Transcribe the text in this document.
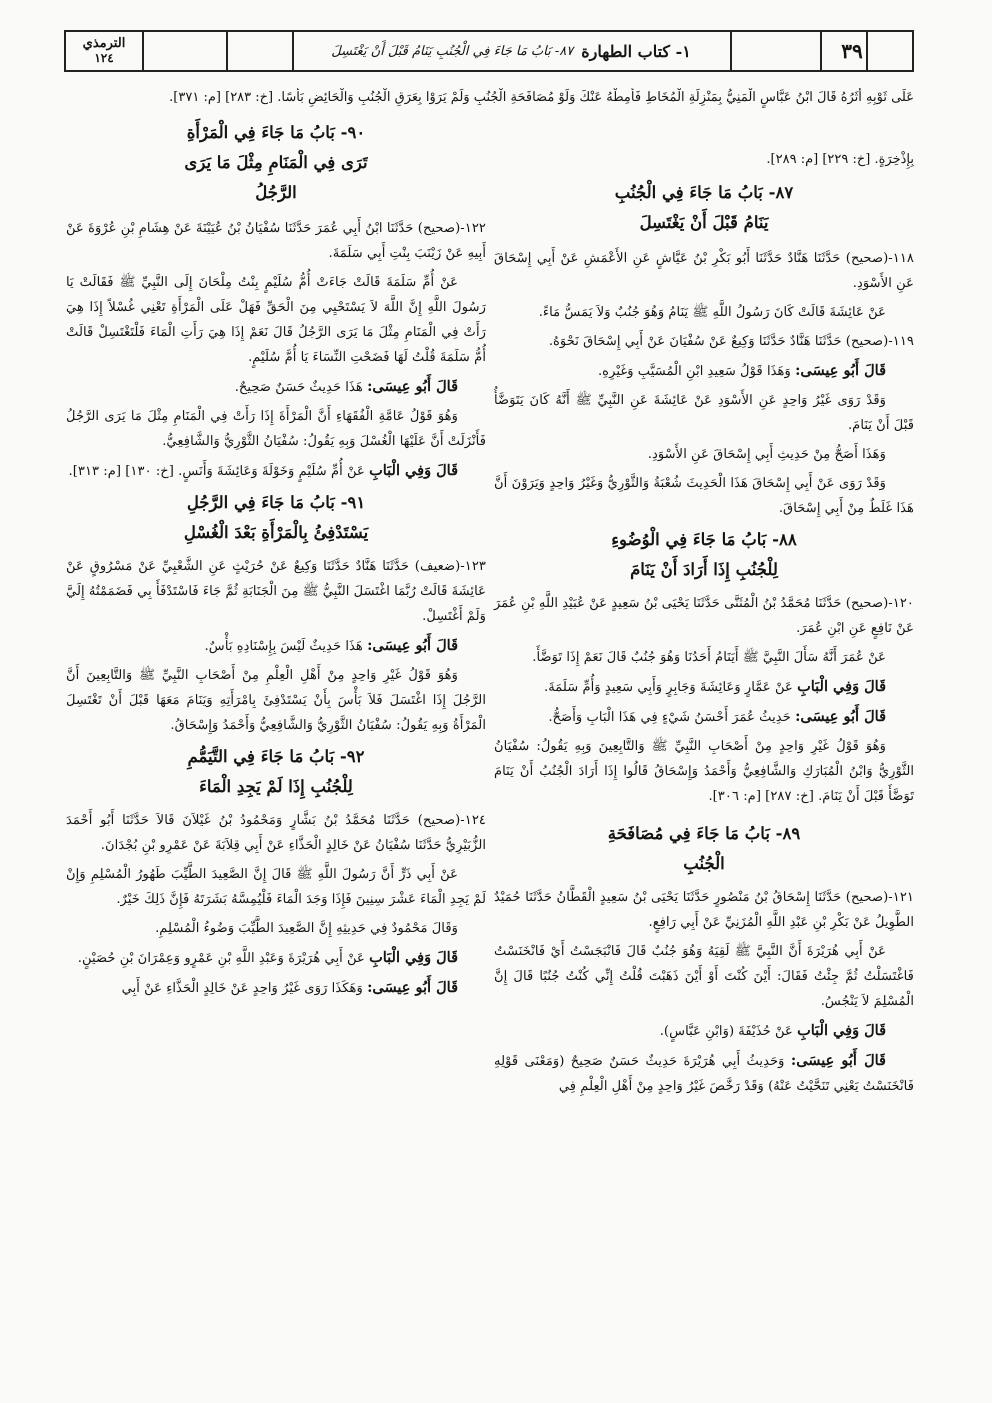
الترمذي
١٢٤	١- كتاب الطهارة
٨٧- بَابُ مَا جَاءَ فِي الْجُنُبِ يَنَامُ قَبْلَ أَنْ يَغْتَسِلَ	٣٩
عَلَى ثَوْبِهِ أَثَرُهُ قَالَ ابْنُ عَبَّاسٍ الْمَنِيُّ بِمَنْزِلَةِ الْمُخَاطِ فَأَمِطْهُ عَنْكَ وَلَوْ مُصَافَحَةِ الْجُنُبِ وَلَمْ يَرَوْا بِعَرَقِ الْجُنُبِ وَالْحَائِضِ بَأْسًا. [خ: ٢٨٣] [م: ٣٧١].
بِإِذْخِرَةٍ. [خ: ٢٢٩] [م: ٢٨٩].
٨٧- بَابُ مَا جَاءَ فِي الْجُنُبِ
يَنَامُ قَبْلَ أَنْ يَغْتَسِلَ

١١٨-(صحيح) حَدَّثَنَا هَنَّادٌ حَدَّثَنَا أَبُو بَكْرِ بْنُ عَيَّاشٍ عَنِ الأَعْمَشِ عَنْ أَبِي إِسْحَاقَ عَنِ الأَسْوَدِ.

عَنْ عَائِشَةَ قَالَتْ كَانَ رَسُولُ اللَّهِ ﷺ يَنَامُ وَهُوَ جُنُبٌ وَلاَ يَمَسُّ مَاءً.

١١٩-(صحيح) حَدَّثَنَا هَنَّادٌ حَدَّثَنَا وَكِيعٌ عَنْ سُفْيَانَ عَنْ أَبِي إِسْحَاقَ نَحْوَهُ.

قَالَ أَبُو عِيسَى: وَهَذَا قَوْلُ سَعِيدِ ابْنِ الْمُسَيَّبِ وَغَيْرِهِ.

وَقَدْ رَوَى غَيْرُ وَاحِدٍ عَنِ الأَسْوَدِ عَنْ عَائِشَةَ عَنِ النَّبِيِّ ﷺ أَنَّهُ كَانَ يَتَوَضَّأُ قَبْلَ أَنْ يَنَامَ.

وَهَذَا أَصَحُّ مِنْ حَدِيثِ أَبِي إِسْحَاقَ عَنِ الأَسْوَدِ.

وَقَدْ رَوَى عَنْ أَبِي إِسْحَاقَ هَذَا الْحَدِيثَ شُعْبَةُ وَالثَّوْرِيُّ وَغَيْرُ وَاحِدٍ وَيَرَوْنَ أَنَّ هَذَا غَلَطٌ مِنْ أَبِي إِسْحَاقَ.

٨٨- بَابُ مَا جَاءَ فِي الْوُضُوءِ
لِلْجُنُبِ إِذَا أَرَادَ أَنْ يَنَامَ

١٢٠-(صحيح) حَدَّثَنَا مُحَمَّدُ بْنُ الْمُثَنَّى حَدَّثَنَا يَحْيَى بْنُ سَعِيدٍ عَنْ عُبَيْدِ اللَّهِ بْنِ عُمَرَ عَنْ نَافِعٍ عَنِ ابْنِ عُمَرَ.

عَنْ عُمَرَ أَنَّهُ سَأَلَ النَّبِيَّ ﷺ أَيَنَامُ أَحَدُنَا وَهُوَ جُنُبٌ قَالَ نَعَمْ إِذَا تَوَضَّأَ.

قَالَ وَفِي الْبَابِ عَنْ عَمَّارٍ وَعَائِشَةَ وَجَابِرٍ وَأَبِي سَعِيدٍ وَأُمِّ سَلَمَةَ.

قَالَ أَبُو عِيسَى: حَدِيثُ عُمَرَ أَحْسَنُ شَيْءٍ فِي هَذَا الْبَابِ وَأَصَحُّ.

وَهُوَ قَوْلُ غَيْرِ وَاحِدٍ مِنْ أَصْحَابِ النَّبِيِّ ﷺ وَالتَّابِعِينَ وَبِهِ يَقُولُ: سُفْيَانُ الثَّوْرِيُّ وَابْنُ الْمُبَارَكِ وَالشَّافِعِيُّ وَأَحْمَدُ وَإِسْحَاقُ قَالُوا إِذَا أَرَادَ الْجُنُبُ أَنْ يَنَامَ تَوَضَّأَ قَبْلَ أَنْ يَنَامَ. [خ: ٢٨٧] [م: ٣٠٦].

٨٩- بَابُ مَا جَاءَ فِي مُصَافَحَةِ
الْجُنُبِ

١٢١-(صحيح) حَدَّثَنَا إِسْحَاقُ بْنُ مَنْصُورٍ حَدَّثَنَا يَحْيَى بْنُ سَعِيدٍ الْقَطَّانُ حَدَّثَنَا حُمَيْدٌ الطَّوِيلُ عَنْ بَكْرِ بْنِ عَبْدِ اللَّهِ الْمُزَنِيِّ عَنْ أَبِي رَافِعٍ.

عَنْ أَبِي هُرَيْرَةَ أَنَّ النَّبِيَّ ﷺ لَقِيَهُ وَهُوَ جُنُبٌ قَالَ فَانْبَجَسْتُ أَيْ فَانْخَنَسْتُ فَاغْتَسَلْتُ ثُمَّ جِئْتُ فَقَالَ: أَيْنَ كُنْتَ أَوْ أَيْنَ ذَهَبْتَ قُلْتُ إِنِّي كُنْتُ جُنُبًا قَالَ إِنَّ الْمُسْلِمَ لاَ يَنْجُسُ.

قَالَ وَفِي الْبَابِ عَنْ حُذَيْفَةَ (وَابْنِ عَبَّاسٍ).

قَالَ أَبُو عِيسَى: وَحَدِيثُ أَبِي هُرَيْرَةَ حَدِيثٌ حَسَنٌ صَحِيحٌ (وَمَعْنَى قَوْلِهِ فَانْخَنَسْتُ يَعْنِي تَنَحَّيْتُ عَنْهُ) وَقَدْ رَخَّصَ غَيْرُ وَاحِدٍ مِنْ أَهْلِ الْعِلْمِ فِي

٩٠- بَابُ مَا جَاءَ فِي الْمَرْأَةِ
تَرَى فِي الْمَنَامِ مِثْلَ مَا يَرَى
الرَّجُلُ

١٢٢-(صحيح) حَدَّثَنَا ابْنُ أَبِي عُمَرَ حَدَّثَنَا سُفْيَانُ بْنُ عُيَيْنَةَ عَنْ هِشَامِ بْنِ عُرْوَةَ عَنْ أَبِيهِ عَنْ زَيْنَبَ بِنْتِ أَبِي سَلَمَةَ.

عَنْ أُمِّ سَلَمَةَ قَالَتْ جَاءَتْ أُمُّ سُلَيْمٍ بِنْتُ مِلْحَانَ إِلَى النَّبِيِّ ﷺ فَقَالَتْ يَا رَسُولَ اللَّهِ إِنَّ اللَّهَ لاَ يَسْتَحْيِي مِنَ الْحَقِّ فَهَلْ عَلَى الْمَرْأَةِ تَعْنِي غُسْلاً إِذَا هِيَ رَأَتْ فِي الْمَنَامِ مِثْلَ مَا يَرَى الرَّجُلُ قَالَ نَعَمْ إِذَا هِيَ رَأَتِ الْمَاءَ فَلْتَغْتَسِلْ قَالَتْ أُمُّ سَلَمَةَ قُلْتُ لَهَا فَضَحْتِ النِّسَاءَ يَا أُمَّ سُلَيْمٍ.

قَالَ أَبُو عِيسَى: هَذَا حَدِيثٌ حَسَنٌ صَحِيحٌ.

وَهُوَ قَوْلُ عَامَّةِ الْفُقَهَاءِ أَنَّ الْمَرْأَةَ إِذَا رَأَتْ فِي الْمَنَامِ مِثْلَ مَا يَرَى الرَّجُلُ فَأَنْزَلَتْ أَنَّ عَلَيْهَا الْغُسْلَ وَبِهِ يَقُولُ: سُفْيَانُ الثَّوْرِيُّ وَالشَّافِعِيُّ.

قَالَ وَفِي الْبَابِ عَنْ أُمِّ سُلَيْمٍ وَخَوْلَةَ وَعَائِشَةَ وَأَنَسٍ. [خ: ١٣٠] [م: ٣١٣].

٩١- بَابُ مَا جَاءَ فِي الرَّجُلِ
يَسْتَدْفِئُ بِالْمَرْأَةِ بَعْدَ الْغُسْلِ

١٢٣-(ضعيف) حَدَّثَنَا هَنَّادٌ حَدَّثَنَا وَكِيعٌ عَنْ حُرَيْثٍ عَنِ الشَّعْبِيِّ عَنْ مَسْرُوقٍ عَنْ عَائِشَةَ قَالَتْ رُبَّمَا اغْتَسَلَ النَّبِيُّ ﷺ مِنَ الْجَنَابَةِ ثُمَّ جَاءَ فَاسْتَدْفَأَ بِي فَضَمَمْتُهُ إِلَيَّ وَلَمْ أَغْتَسِلْ.

قَالَ أَبُو عِيسَى: هَذَا حَدِيثٌ لَيْسَ بِإِسْنَادِهِ بَأْسٌ.

وَهُوَ قَوْلُ غَيْرِ وَاحِدٍ مِنْ أَهْلِ الْعِلْمِ مِنْ أَصْحَابِ النَّبِيِّ ﷺ وَالتَّابِعِينَ أَنَّ الرَّجُلَ إِذَا اغْتَسَلَ فَلاَ بَأْسَ بِأَنْ يَسْتَدْفِئَ بِامْرَأَتِهِ وَيَنَامَ مَعَهَا قَبْلَ أَنْ تَغْتَسِلَ الْمَرْأَةُ وَبِهِ يَقُولُ: سُفْيَانُ الثَّوْرِيُّ وَالشَّافِعِيُّ وَأَحْمَدُ وَإِسْحَاقُ.

٩٢- بَابُ مَا جَاءَ فِي التَّيَمُّمِ
لِلْجُنُبِ إِذَا لَمْ يَجِدِ الْمَاءَ

١٢٤-(صحيح) حَدَّثَنَا مُحَمَّدُ بْنُ بَشَّارٍ وَمَحْمُودُ بْنُ غَيْلاَنَ قَالاَ حَدَّثَنَا أَبُو أَحْمَدَ الزُّبَيْرِيُّ حَدَّثَنَا سُفْيَانُ عَنْ خَالِدٍ الْحَذَّاءِ عَنْ أَبِي قِلاَبَةَ عَنْ عَمْرِو بْنِ بُجْدَانَ.

عَنْ أَبِي ذَرٍّ أَنَّ رَسُولَ اللَّهِ ﷺ قَالَ إِنَّ الصَّعِيدَ الطَّيِّبَ طَهُورُ الْمُسْلِمِ وَإِنْ لَمْ يَجِدِ الْمَاءَ عَشْرَ سِنِينَ فَإِذَا وَجَدَ الْمَاءَ فَلْيُمِسَّهُ بَشَرَتَهُ فَإِنَّ ذَلِكَ خَيْرٌ.

وَقَالَ مَحْمُودٌ فِي حَدِيثِهِ إِنَّ الصَّعِيدَ الطَّيِّبَ وَضُوءُ الْمُسْلِمِ.

قَالَ وَفِي الْبَابِ عَنْ أَبِي هُرَيْرَةَ وَعَبْدِ اللَّهِ بْنِ عَمْرٍو وَعِمْرَانَ بْنِ حُصَيْنٍ.

قَالَ أَبُو عِيسَى: وَهَكَذَا رَوَى غَيْرُ وَاحِدٍ عَنْ خَالِدٍ الْحَذَّاءِ عَنْ أَبِي
